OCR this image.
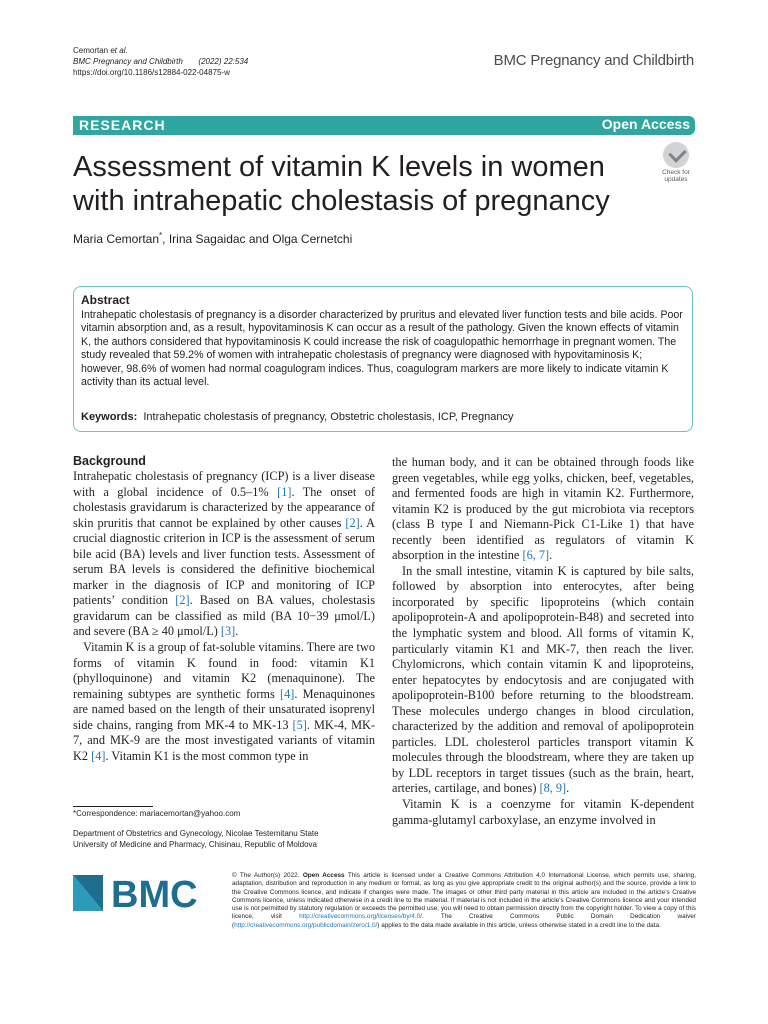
Cemortan et al.
BMC Pregnancy and Childbirth (2022) 22:534
https://doi.org/10.1186/s12884-022-04875-w
BMC Pregnancy and Childbirth
RESEARCH	Open Access
Assessment of vitamin K levels in women with intrahepatic cholestasis of pregnancy
Check for
updates
Maria Cemortan*, Irina Sagaidac and Olga Cernetchi
Abstract
Intrahepatic cholestasis of pregnancy is a disorder characterized by pruritus and elevated liver function tests and bile acids. Poor vitamin absorption and, as a result, hypovitaminosis K can occur as a result of the pathology. Given the known effects of vitamin K, the authors considered that hypovitaminosis K could increase the risk of coagulopathic hemorrhage in pregnant women. The study revealed that 59.2% of women with intrahepatic cholestasis of pregnancy were diagnosed with hypovitaminosis K; however, 98.6% of women had normal coagulogram indices. Thus, coagulogram markers are more likely to indicate vitamin K activity than its actual level.
Keywords: Intrahepatic cholestasis of pregnancy, Obstetric cholestasis, ICP, Pregnancy
Background

Intrahepatic cholestasis of pregnancy (ICP) is a liver disease with a global incidence of 0.5–1% [1]. The onset of cholestasis gravidarum is characterized by the appearance of skin pruritis that cannot be explained by other causes [2]. A crucial diagnostic criterion in ICP is the assessment of serum bile acid (BA) levels and liver function tests. Assessment of serum BA levels is considered the definitive biochemical marker in the diagnosis of ICP and monitoring of ICP patients’ condition [2]. Based on BA values, cholestasis gravidarum can be classified as mild (BA 10−39 μmol/L) and severe (BA ≥ 40 μmol/L) [3].

Vitamin K is a group of fat-soluble vitamins. There are two forms of vitamin K found in food: vitamin K1 (phylloquinone) and vitamin K2 (menaquinone). The remaining subtypes are synthetic forms [4]. Menaquinones are named based on the length of their unsaturated isoprenyl side chains, ranging from MK-4 to MK-13 [5]. MK-4, MK-7, and MK-9 are the most investigated variants of vitamin K2 [4]. Vitamin K1 is the most common type in

the human body, and it can be obtained through foods like green vegetables, while egg yolks, chicken, beef, vegetables, and fermented foods are high in vitamin K2. Furthermore, vitamin K2 is produced by the gut microbiota via receptors (class B type I and Niemann-Pick C1-Like 1) that have recently been identified as regulators of vitamin K absorption in the intestine [6, 7].

In the small intestine, vitamin K is captured by bile salts, followed by absorption into enterocytes, after being incorporated by specific lipoproteins (which contain apolipoprotein-A and apolipoprotein-B48) and secreted into the lymphatic system and blood. All forms of vitamin K, particularly vitamin K1 and MK-7, then reach the liver. Chylomicrons, which contain vitamin K and lipoproteins, enter hepatocytes by endocytosis and are conjugated with apolipoprotein-B100 before returning to the bloodstream. These molecules undergo changes in blood circulation, characterized by the addition and removal of apolipoprotein particles. LDL cholesterol particles transport vitamin K molecules through the bloodstream, where they are taken up by LDL receptors in target tissues (such as the brain, heart, arteries, cartilage, and bones) [8, 9].

Vitamin K is a coenzyme for vitamin K-dependent gamma-glutamyl carboxylase, an enzyme involved in

*Correspondence: mariacemortan@yahoo.com
Department of Obstetrics and Gynecology, Nicolae Testemitanu State
University of Medicine and Pharmacy, Chisinau, Republic of Moldova
BMC	© The Author(s) 2022. Open Access This article is licensed under a Creative Commons Attribution 4.0 International License, which permits use, sharing, adaptation, distribution and reproduction in any medium or format, as long as you give appropriate credit to the original author(s) and the source, provide a link to the Creative Commons licence, and indicate if changes were made. The images or other third party material in this article are included in the article’s Creative Commons licence, unless indicated otherwise in a credit line to the material. If material is not included in the article’s Creative Commons licence and your intended use is not permitted by statutory regulation or exceeds the permitted use, you will need to obtain permission directly from the copyright holder. To view a copy of this licence, visit http://creativecommons.org/licenses/by/4.0/. The Creative Commons Public Domain Dedication waiver (http://creativecommons.org/publicdomain/zero/1.0/) applies to the data made available in this article, unless otherwise stated in a credit line to the data.
